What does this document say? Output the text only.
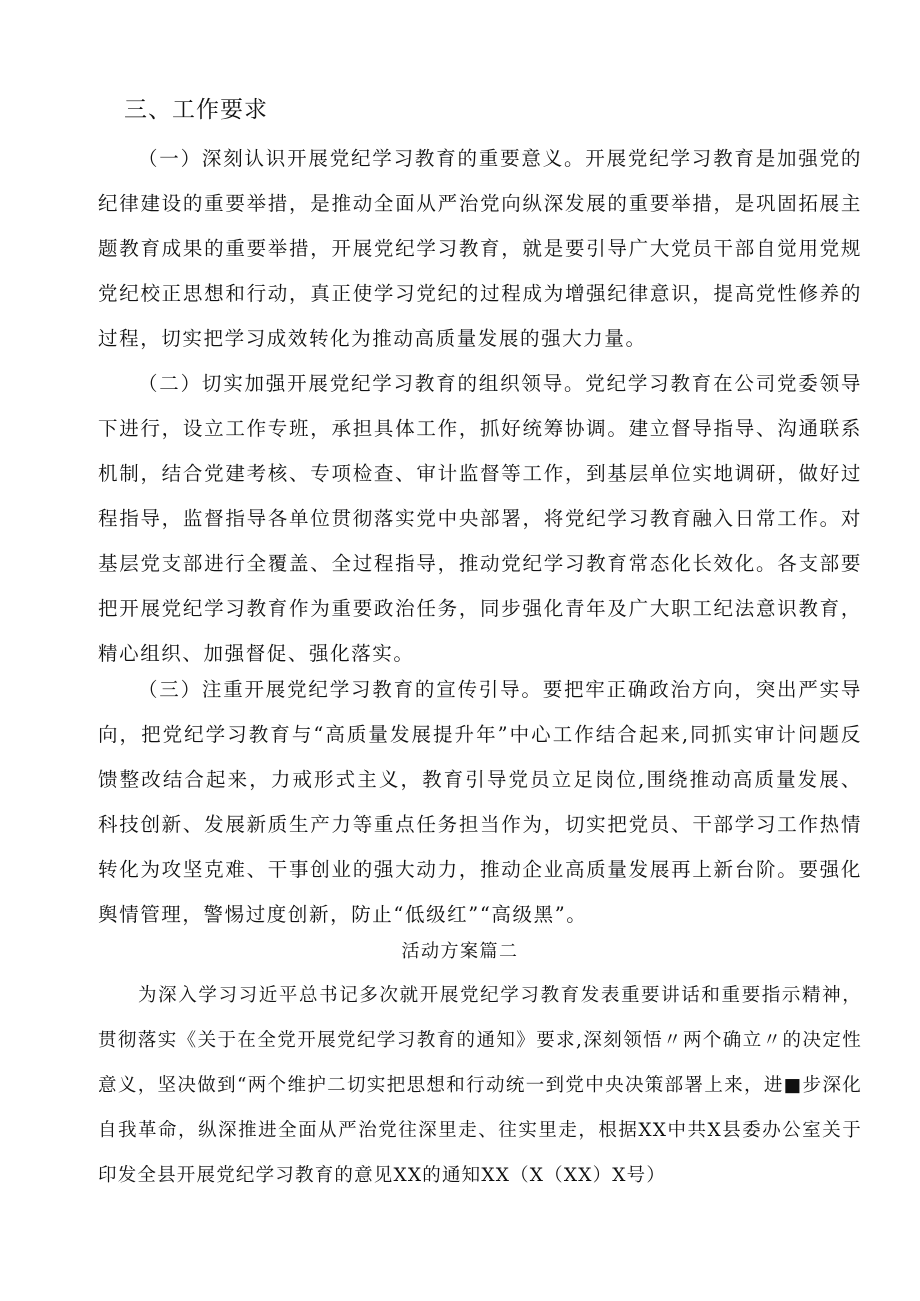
三、工作要求

（一）深刻认识开展党纪学习教育的重要意义。开展党纪学习教育是加强党的纪律建设的重要举措，是推动全面从严治党向纵深发展的重要举措，是巩固拓展主题教育成果的重要举措，开展党纪学习教育，就是要引导广大党员干部自觉用党规党纪校正思想和行动，真正使学习党纪的过程成为增强纪律意识，提高党性修养的过程，切实把学习成效转化为推动高质量发展的强大力量。

（二）切实加强开展党纪学习教育的组织领导。党纪学习教育在公司党委领导下进行，设立工作专班，承担具体工作，抓好统筹协调。建立督导指导、沟通联系机制，结合党建考核、专项检查、审计监督等工作，到基层单位实地调研，做好过程指导，监督指导各单位贯彻落实党中央部署，将党纪学习教育融入日常工作。对基层党支部进行全覆盖、全过程指导，推动党纪学习教育常态化长效化。各支部要把开展党纪学习教育作为重要政治任务，同步强化青年及广大职工纪法意识教育，精心组织、加强督促、强化落实。

（三）注重开展党纪学习教育的宣传引导。要把牢正确政治方向，突出严实导向，把党纪学习教育与“高质量发展提升年”中心工作结合起来,同抓实审计问题反馈整改结合起来，力戒形式主义，教育引导党员立足岗位,围绕推动高质量发展、科技创新、发展新质生产力等重点任务担当作为，切实把党员、干部学习工作热情转化为攻坚克难、干事创业的强大动力，推动企业高质量发展再上新台阶。要强化舆情管理，警惕过度创新，防止“低级红”“高级黑”。

活动方案篇二

为深入学习习近平总书记多次就开展党纪学习教育发表重要讲话和重要指示精神，贯彻落实《关于在全党开展党纪学习教育的通知》要求,深刻领悟〃两个确立〃的决定性意义，坚决做到“两个维护二切实把思想和行动统一到党中央决策部署上来，进■步深化自我革命，纵深推进全面从严治党往深里走、往实里走，根据XX中共X县委办公室关于印发全县开展党纪学习教育的意见XX的通知XX（X（XX）X号）
